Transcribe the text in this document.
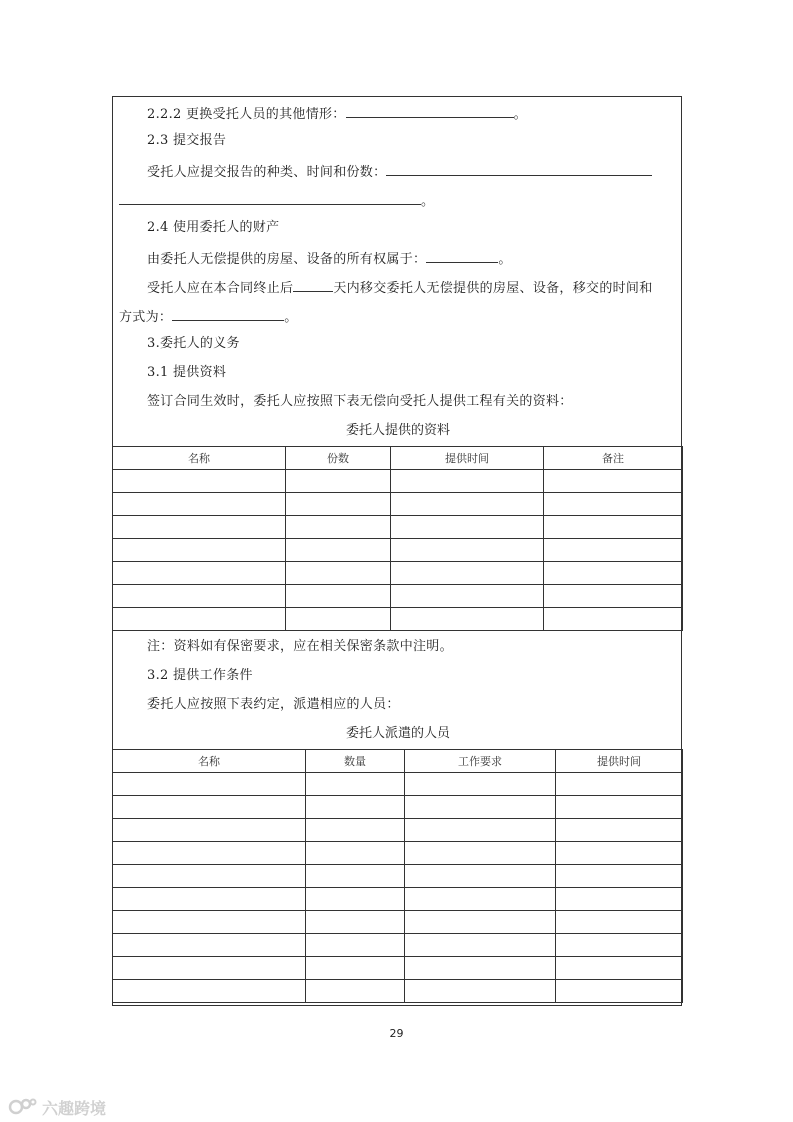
2.2.2 更换受托人员的其他情形：	。
2.3 提交报告
受托人应提交报告的种类、时间和份数：
。
2.4 使用委托人的财产
由委托人无偿提供的房屋、设备的所有权属于：	。
受托人应在本合同终止后	天内移交委托人无偿提供的房屋、设备，移交的时间和
方式为：	。
3.委托人的义务
3.1 提供资料
签订合同生效时，委托人应按照下表无偿向受托人提供工程有关的资料：
委托人提供的资料
名称	份数	提供时间	备注

注：资料如有保密要求，应在相关保密条款中注明。
3.2 提供工作条件
委托人应按照下表约定，派遣相应的人员：
委托人派遣的人员
名称	数量	工作要求	提供时间

29
六趣跨境
